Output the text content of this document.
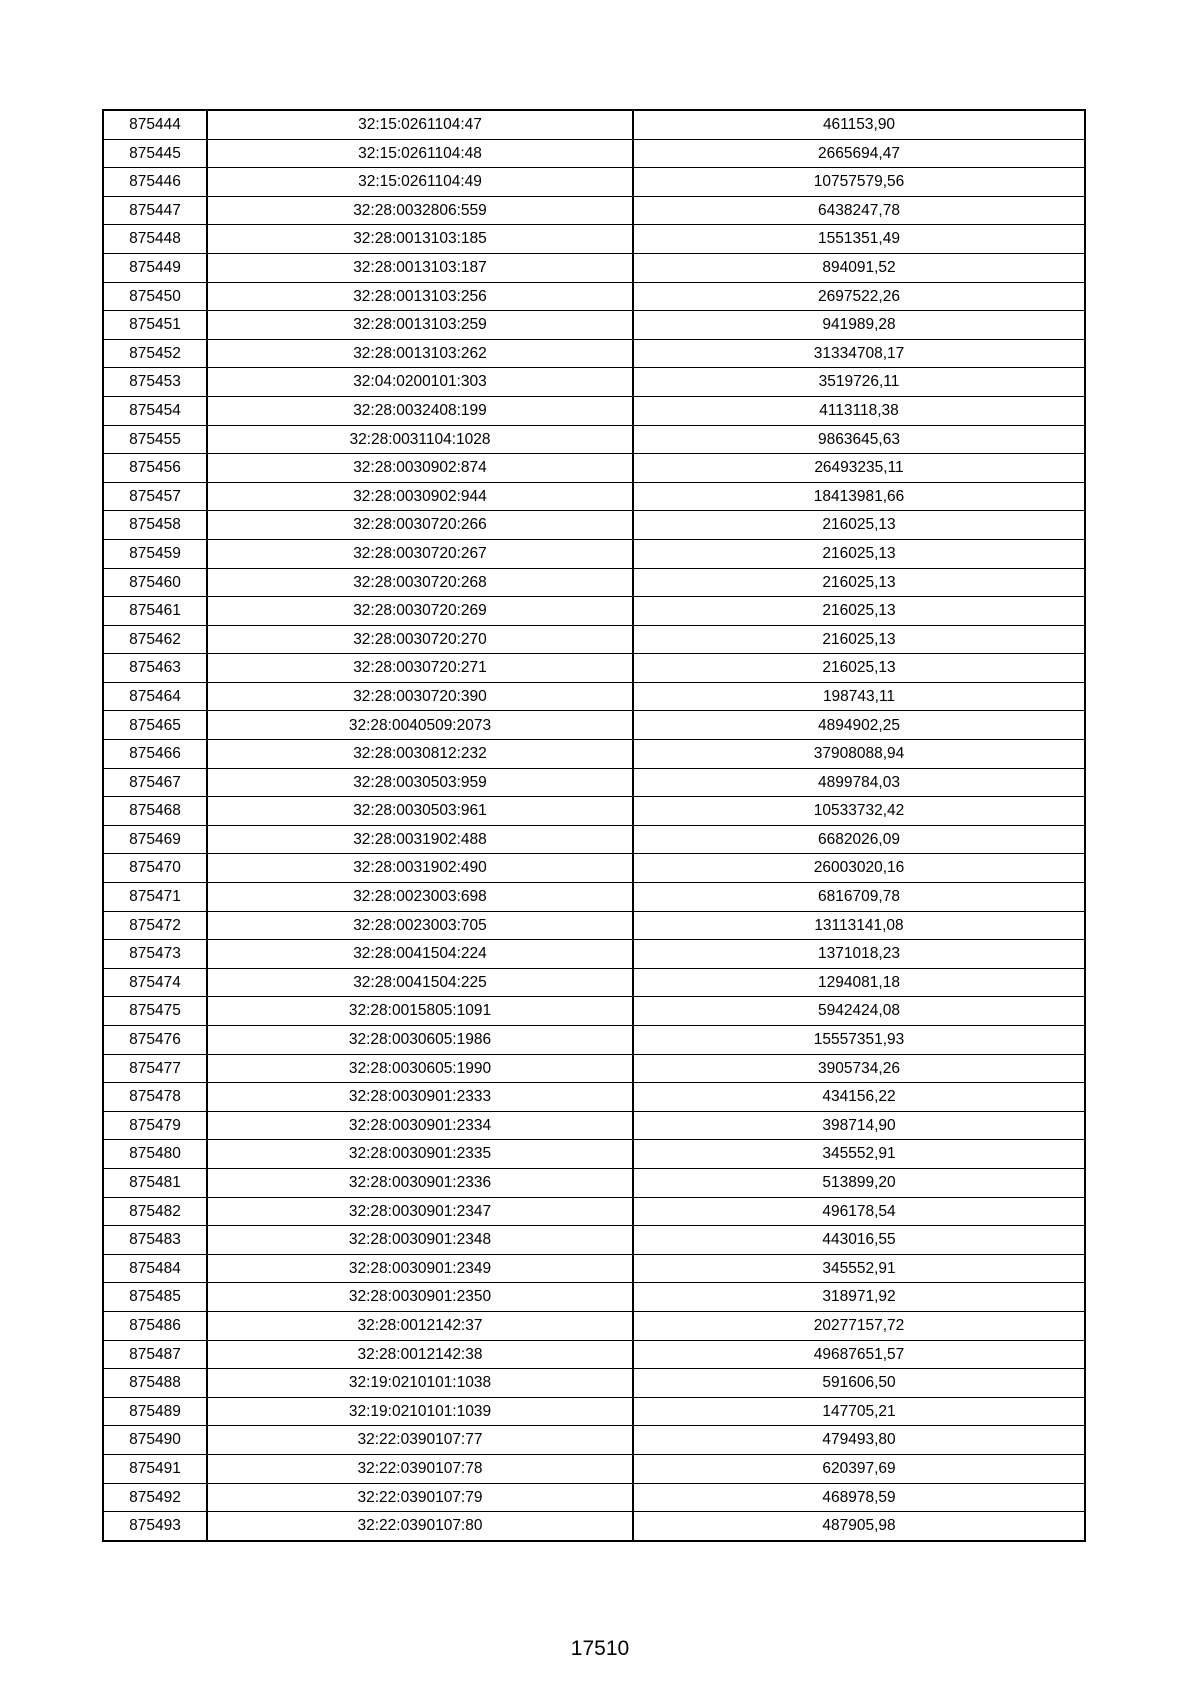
875444	32:15:0261104:47	461153,90
875445	32:15:0261104:48	2665694,47
875446	32:15:0261104:49	10757579,56
875447	32:28:0032806:559	6438247,78
875448	32:28:0013103:185	1551351,49
875449	32:28:0013103:187	894091,52
875450	32:28:0013103:256	2697522,26
875451	32:28:0013103:259	941989,28
875452	32:28:0013103:262	31334708,17
875453	32:04:0200101:303	3519726,11
875454	32:28:0032408:199	4113118,38
875455	32:28:0031104:1028	9863645,63
875456	32:28:0030902:874	26493235,11
875457	32:28:0030902:944	18413981,66
875458	32:28:0030720:266	216025,13
875459	32:28:0030720:267	216025,13
875460	32:28:0030720:268	216025,13
875461	32:28:0030720:269	216025,13
875462	32:28:0030720:270	216025,13
875463	32:28:0030720:271	216025,13
875464	32:28:0030720:390	198743,11
875465	32:28:0040509:2073	4894902,25
875466	32:28:0030812:232	37908088,94
875467	32:28:0030503:959	4899784,03
875468	32:28:0030503:961	10533732,42
875469	32:28:0031902:488	6682026,09
875470	32:28:0031902:490	26003020,16
875471	32:28:0023003:698	6816709,78
875472	32:28:0023003:705	13113141,08
875473	32:28:0041504:224	1371018,23
875474	32:28:0041504:225	1294081,18
875475	32:28:0015805:1091	5942424,08
875476	32:28:0030605:1986	15557351,93
875477	32:28:0030605:1990	3905734,26
875478	32:28:0030901:2333	434156,22
875479	32:28:0030901:2334	398714,90
875480	32:28:0030901:2335	345552,91
875481	32:28:0030901:2336	513899,20
875482	32:28:0030901:2347	496178,54
875483	32:28:0030901:2348	443016,55
875484	32:28:0030901:2349	345552,91
875485	32:28:0030901:2350	318971,92
875486	32:28:0012142:37	20277157,72
875487	32:28:0012142:38	49687651,57
875488	32:19:0210101:1038	591606,50
875489	32:19:0210101:1039	147705,21
875490	32:22:0390107:77	479493,80
875491	32:22:0390107:78	620397,69
875492	32:22:0390107:79	468978,59
875493	32:22:0390107:80	487905,98
17510
